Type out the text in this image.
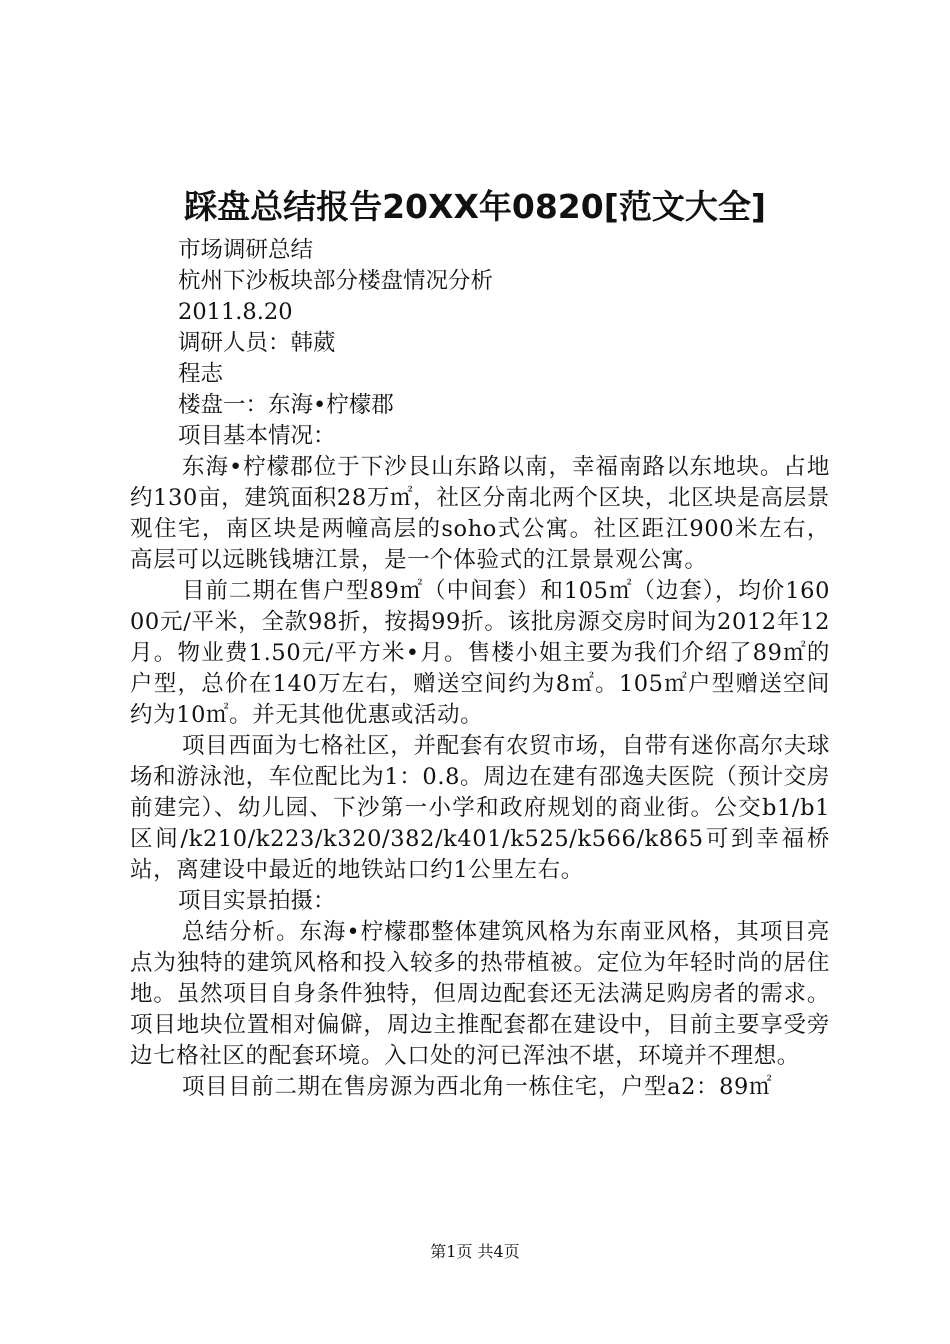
踩盘总结报告20XX年0820[范文大全]

市场调研总结

杭州下沙板块部分楼盘情况分析

2011.8.20

调研人员：韩葳

程志

楼盘一：东海•柠檬郡

项目基本情况：

东海•柠檬郡位于下沙艮山东路以南，幸福南路以东地块。占地约130亩，建筑面积28万㎡，社区分南北两个区块，北区块是高层景观住宅，南区块是两幢高层的soho式公寓。社区距江900米左右，高层可以远眺钱塘江景，是一个体验式的江景景观公寓。

目前二期在售户型89㎡（中间套）和105㎡（边套），均价16000元/平米，全款98折，按揭99折。该批房源交房时间为2012年12月。物业费1.50元/平方米•月。售楼小姐主要为我们介绍了89㎡的户型，总价在140万左右，赠送空间约为8㎡。105㎡户型赠送空间约为10㎡。并无其他优惠或活动。

项目西面为七格社区，并配套有农贸市场，自带有迷你高尔夫球场和游泳池，车位配比为1：0.8。周边在建有邵逸夫医院（预计交房前建完）、幼儿园、下沙第一小学和政府规划的商业街。公交b1/b1区间/k210/k223/k320/382/k401/k525/k566/k865可到幸福桥站，离建设中最近的地铁站口约1公里左右。

项目实景拍摄：

总结分析。东海•柠檬郡整体建筑风格为东南亚风格，其项目亮点为独特的建筑风格和投入较多的热带植被。定位为年轻时尚的居住地。虽然项目自身条件独特，但周边配套还无法满足购房者的需求。项目地块位置相对偏僻，周边主推配套都在建设中，目前主要享受旁边七格社区的配套环境。入口处的河已浑浊不堪，环境并不理想。

项目目前二期在售房源为西北角一栋住宅，户型a2：89㎡

第1页 共4页
